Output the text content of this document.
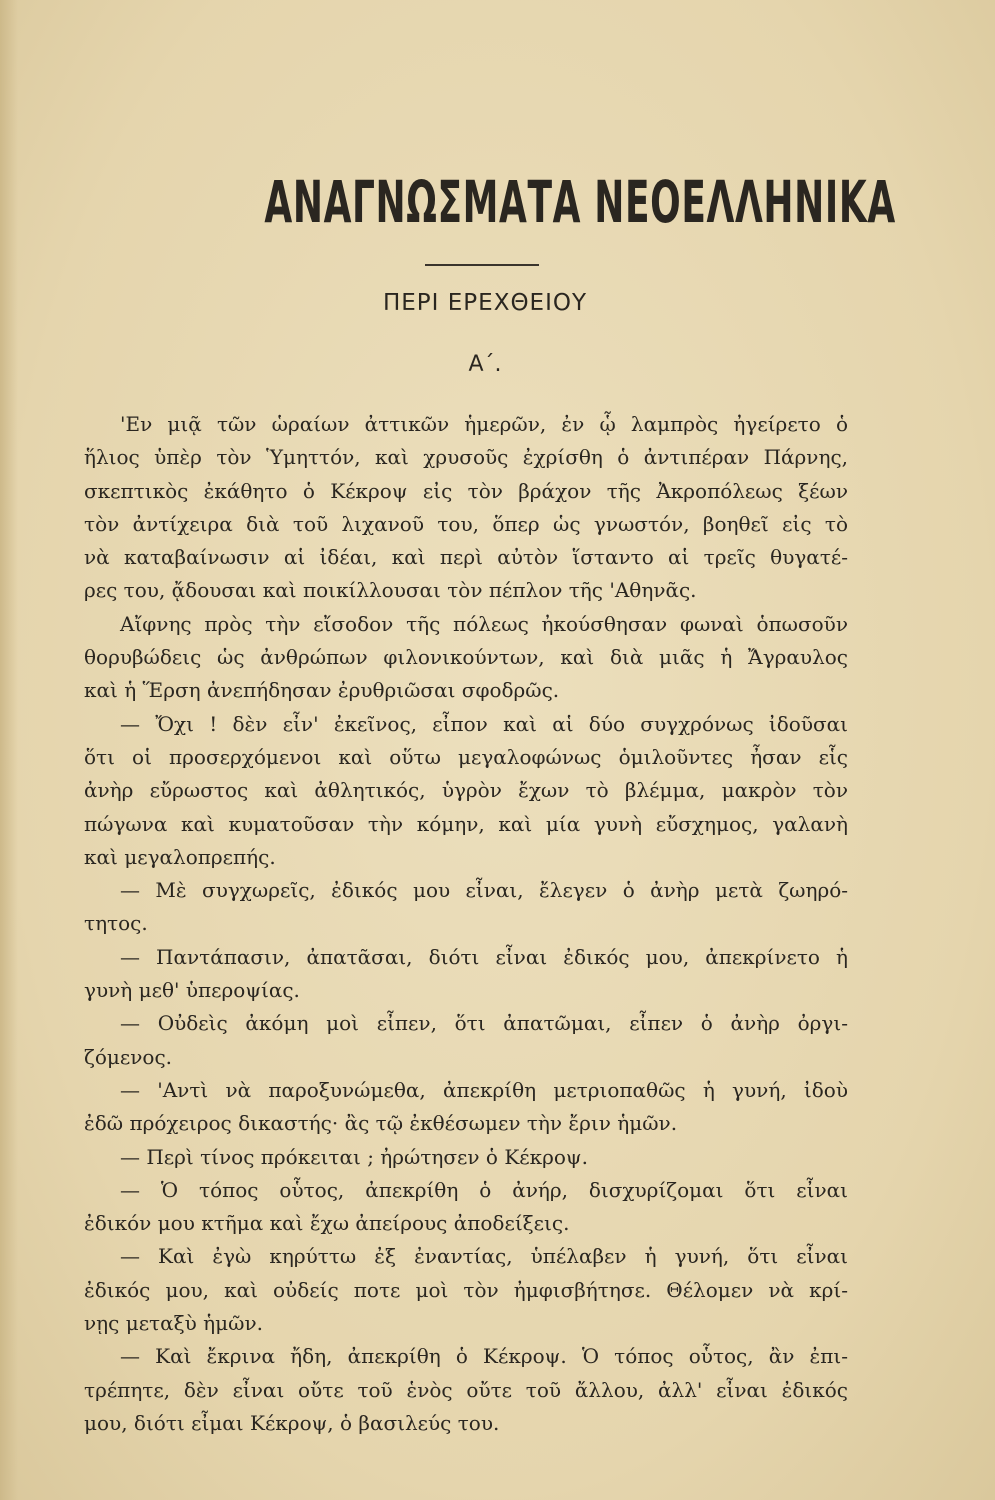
ΑΝΑΓΝΩΣΜΑΤΑ ΝΕΟΕΛΛΗΝΙΚΑ
ΠΕΡΙ ΕΡΕΧΘΕΙΟΥ
Α΄.
'Εν μιᾷ τῶν ὡραίων ἀττικῶν ἡμερῶν, ἐν ᾧ λαμπρὸς ἠγείρετο ὁ
ἥλιος ὑπὲρ τὸν Ὑμηττόν, καὶ χρυσοῦς ἐχρίσθη ὁ ἀντιπέραν Πάρνης,
σκεπτικὸς ἐκάθητο ὁ Κέκροψ εἰς τὸν βράχον τῆς Ἀκροπόλεως ξέων
τὸν ἀντίχειρα διὰ τοῦ λιχανοῦ του, ὅπερ ὡς γνωστόν, βοηθεῖ εἰς τὸ
νὰ καταβαίνωσιν αἱ ἰδέαι, καὶ περὶ αὐτὸν ἵσταντο αἱ τρεῖς θυγατέ-
ρες του, ᾄδουσαι καὶ ποικίλλουσαι τὸν πέπλον τῆς 'Αθηνᾶς.
Αἴφνης πρὸς τὴν εἴσοδον τῆς πόλεως ἠκούσθησαν φωναὶ ὁπωσοῦν
θορυβώδεις ὡς ἀνθρώπων φιλονικούντων, καὶ διὰ μιᾶς ἡ Ἄγραυλος
καὶ ἡ Ἕρση ἀνεπήδησαν ἐρυθριῶσαι σφοδρῶς.
— Ὄχι ! δὲν εἶν' ἐκεῖνος, εἶπον καὶ αἱ δύο συγχρόνως ἰδοῦσαι
ὅτι οἱ προσερχόμενοι καὶ οὕτω μεγαλοφώνως ὁμιλοῦντες ἦσαν εἷς
ἀνὴρ εὔρωστος καὶ ἀθλητικός, ὑγρὸν ἔχων τὸ βλέμμα, μακρὸν τὸν
πώγωνα καὶ κυματοῦσαν τὴν κόμην, καὶ μία γυνὴ εὔσχημος, γαλανὴ
καὶ μεγαλοπρεπής.
— Μὲ συγχωρεῖς, ἐδικός μου εἶναι, ἔλεγεν ὁ ἀνὴρ μετὰ ζωηρό-
τητος.
— Παντάπασιν, ἀπατᾶσαι, διότι εἶναι ἐδικός μου, ἀπεκρίνετο ἡ
γυνὴ μεθ' ὑπεροψίας.
— Οὐδεὶς ἀκόμη μοὶ εἶπεν, ὅτι ἀπατῶμαι, εἶπεν ὁ ἀνὴρ ὀργι-
ζόμενος.
— 'Αντὶ νὰ παροξυνώμεθα, ἀπεκρίθη μετριοπαθῶς ἡ γυνή, ἰδοὺ
ἐδῶ πρόχειρος δικαστής· ἂς τῷ ἐκθέσωμεν τὴν ἔριν ἡμῶν.
— Περὶ τίνος πρόκειται ; ἠρώτησεν ὁ Κέκροψ.
— Ὁ τόπος οὗτος, ἀπεκρίθη ὁ ἀνήρ, δισχυρίζομαι ὅτι εἶναι
ἐδικόν μου κτῆμα καὶ ἔχω ἀπείρους ἀποδείξεις.
— Καὶ ἐγὼ κηρύττω ἐξ ἐναντίας, ὑπέλαβεν ἡ γυνή, ὅτι εἶναι
ἐδικός μου, καὶ οὐδείς ποτε μοὶ τὸν ἠμφισβήτησε. Θέλομεν νὰ κρί-
νῃς μεταξὺ ἡμῶν.
— Καὶ ἔκρινα ἤδη, ἀπεκρίθη ὁ Κέκροψ. Ὁ τόπος οὗτος, ἂν ἐπι-
τρέπητε, δὲν εἶναι οὔτε τοῦ ἑνὸς οὔτε τοῦ ἄλλου, ἀλλ' εἶναι ἐδικός
μου, διότι εἶμαι Κέκροψ, ὁ βασιλεύς του.
